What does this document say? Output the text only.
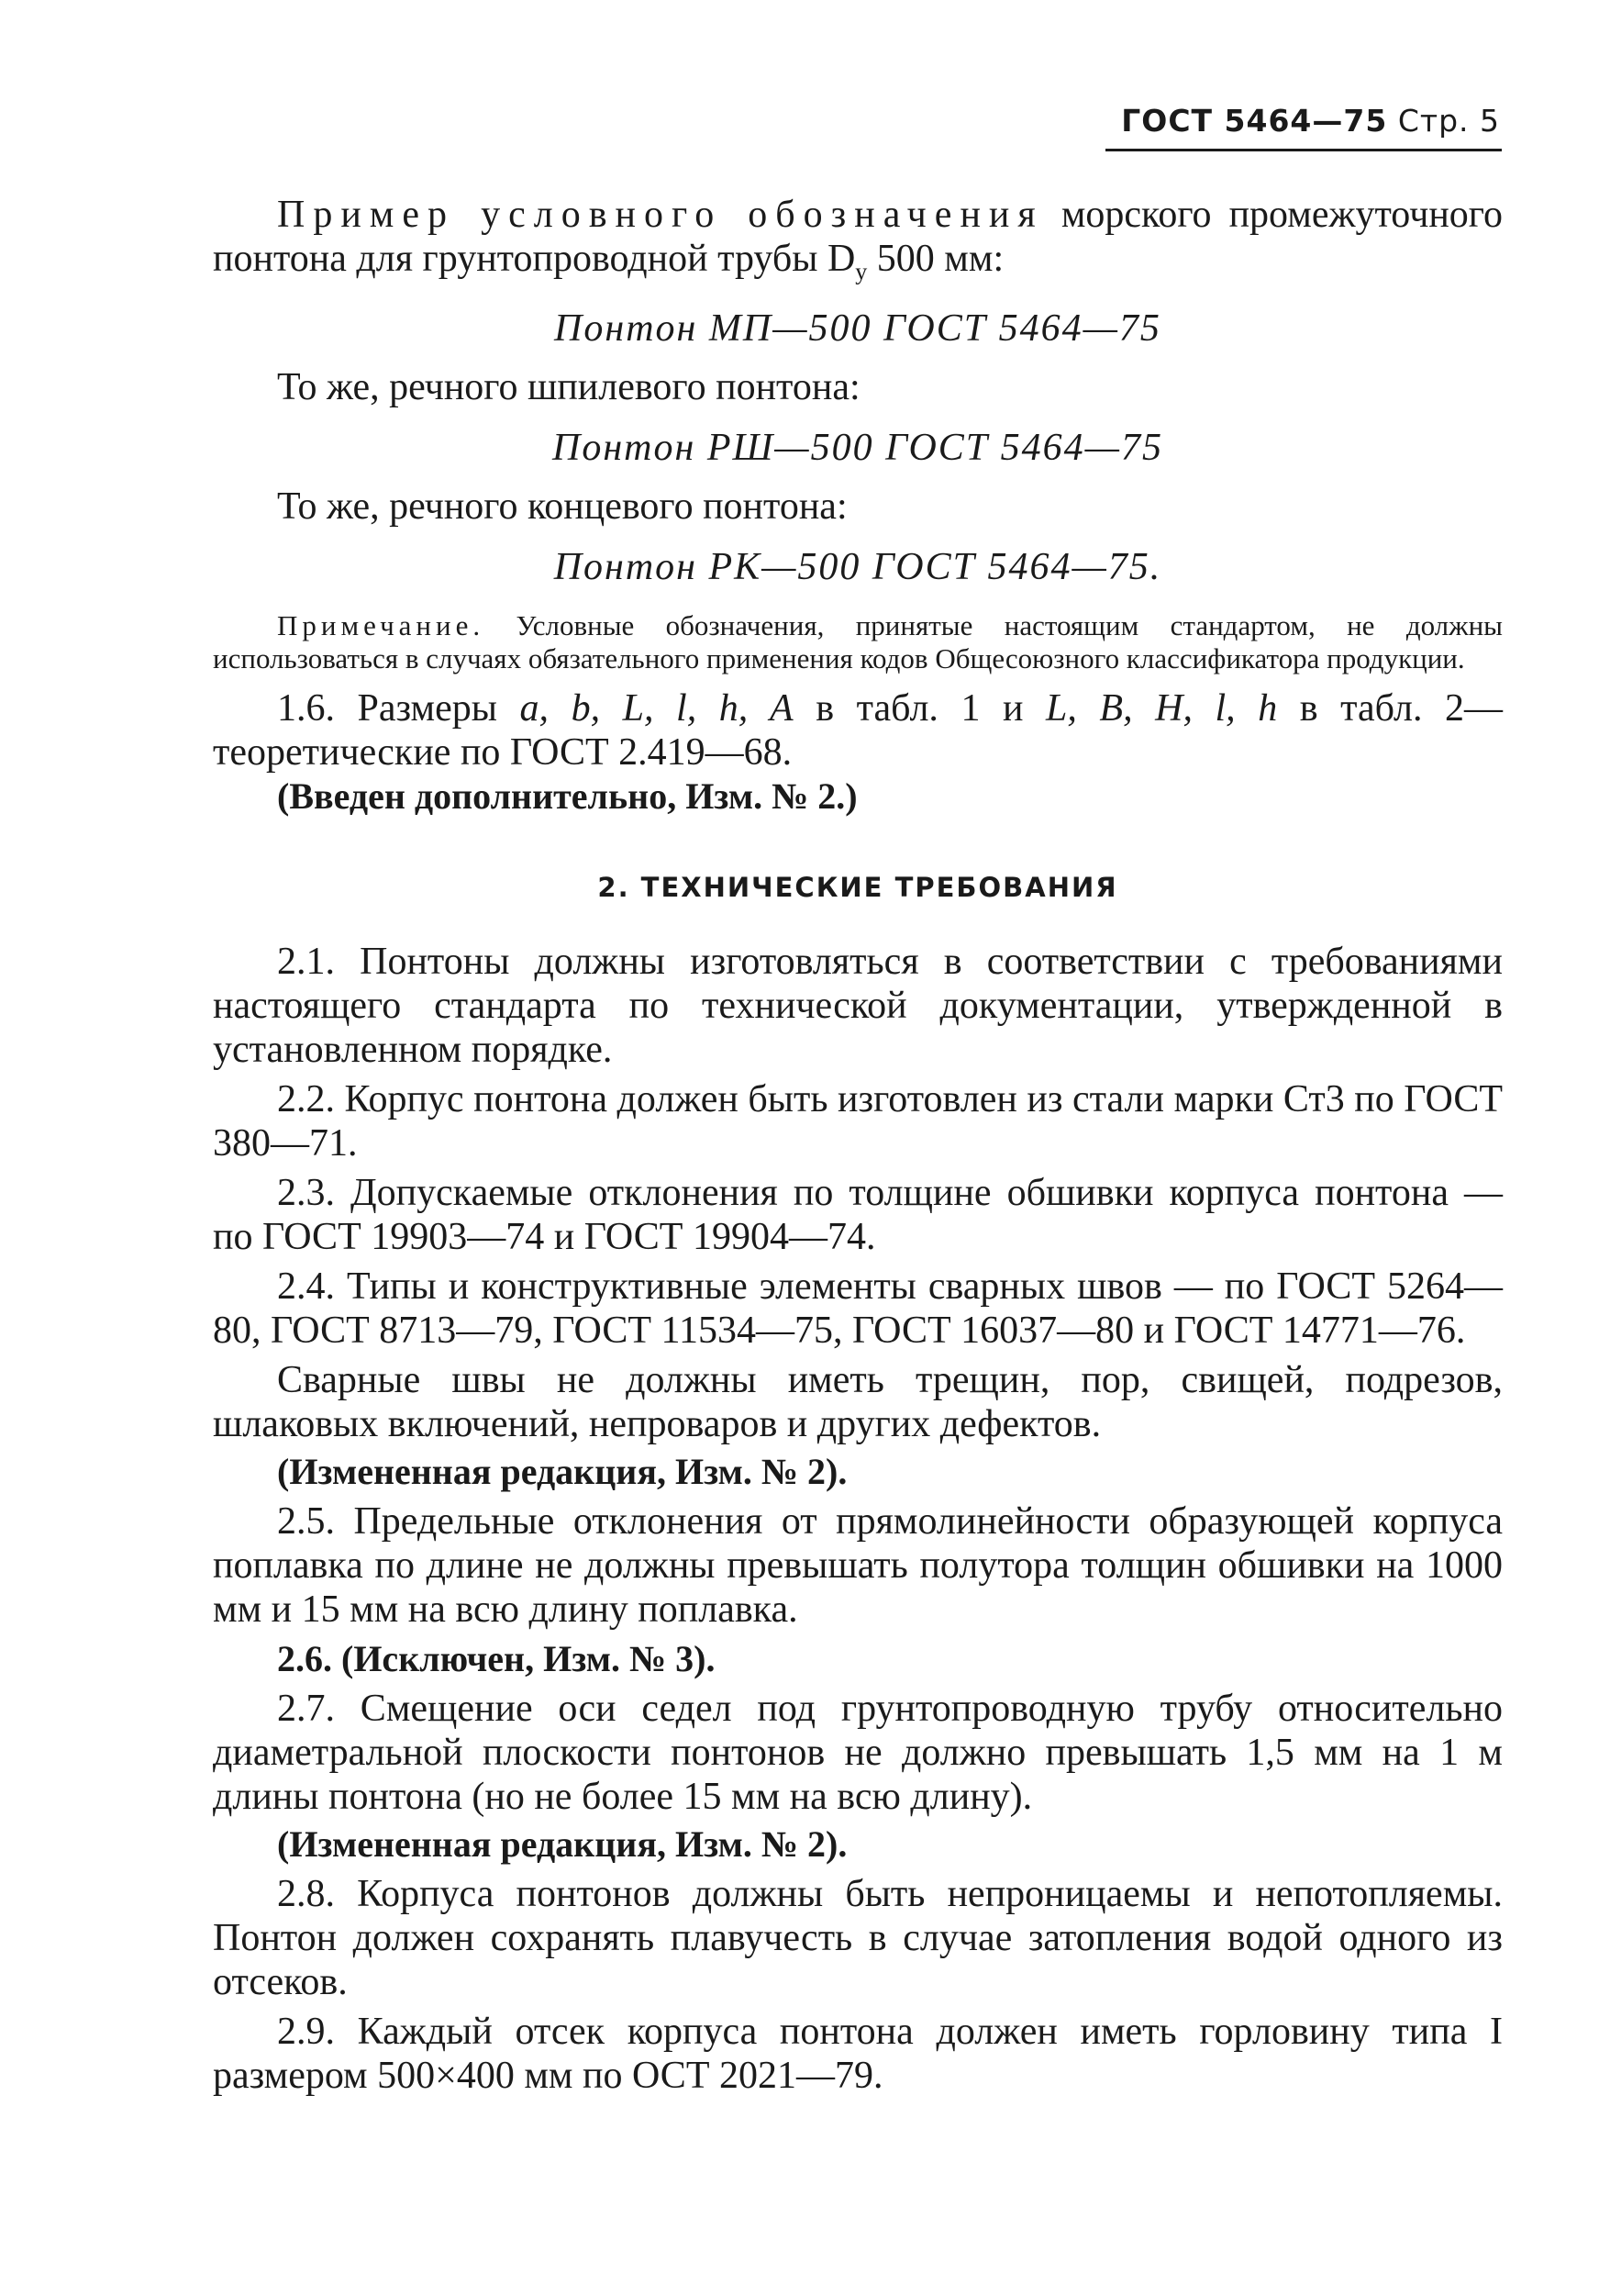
ГОСТ 5464—75 Стр. 5

Пример условного обозначения морского промежуточного понтона для грунтопроводной трубы $D_у$ 500 мм:

Понтон МП—500 ГОСТ 5464—75

То же, речного шпилевого понтона:

Понтон РШ—500 ГОСТ 5464—75

То же, речного концевого понтона:

Понтон РК—500 ГОСТ 5464—75.

Примечание. Условные обозначения, принятые настоящим стандартом, не должны использоваться в случаях обязательного применения кодов Общесоюзного классификатора продукции.

1.6. Размеры a, b, L, l, h, A в табл. 1 и L, B, H, l, h в табл. 2— теоретические по ГОСТ 2.419—68.

(Введен дополнительно, Изм. № 2.)

2. ТЕХНИЧЕСКИЕ ТРЕБОВАНИЯ

2.1. Понтоны должны изготовляться в соответствии с требованиями настоящего стандарта по технической документации, утвержденной в установленном порядке.

2.2. Корпус понтона должен быть изготовлен из стали марки Ст3 по ГОСТ 380—71.

2.3. Допускаемые отклонения по толщине обшивки корпуса понтона — по ГОСТ 19903—74 и ГОСТ 19904—74.

2.4. Типы и конструктивные элементы сварных швов — по ГОСТ 5264—80, ГОСТ 8713—79, ГОСТ 11534—75, ГОСТ 16037—80 и ГОСТ 14771—76.

Сварные швы не должны иметь трещин, пор, свищей, подрезов, шлаковых включений, непроваров и других дефектов.

(Измененная редакция, Изм. № 2).

2.5. Предельные отклонения от прямолинейности образующей корпуса поплавка по длине не должны превышать полутора толщин обшивки на 1000 мм и 15 мм на всю длину поплавка.

2.6. (Исключен, Изм. № 3).

2.7. Смещение оси седел под грунтопроводную трубу относительно диаметральной плоскости понтонов не должно превышать 1,5 мм на 1 м длины понтона (но не более 15 мм на всю длину).

(Измененная редакция, Изм. № 2).

2.8. Корпуса понтонов должны быть непроницаемы и непотопляемы. Понтон должен сохранять плавучесть в случае затопления водой одного из отсеков.

2.9. Каждый отсек корпуса понтона должен иметь горловину типа I размером 500×400 мм по ОСТ 2021—79.
